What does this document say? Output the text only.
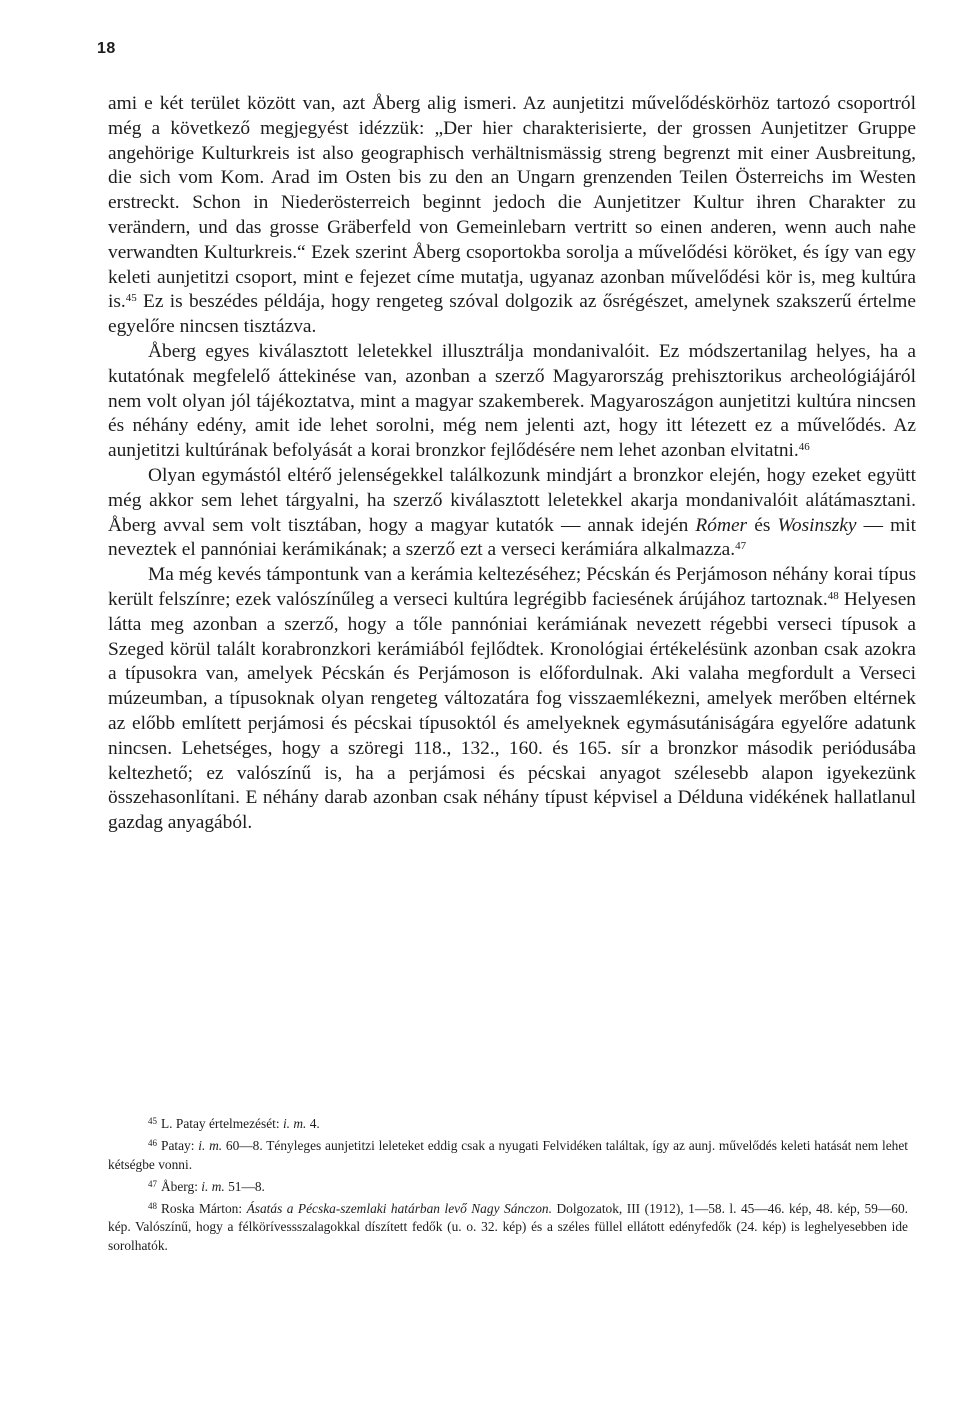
18

ami e két terület között van, azt Åberg alig ismeri. Az aunjetitzi művelődéskörhöz tartozó csoportról még a következő megjegyést idézzük: „Der hier charakterisierte, der grossen Aunjetitzer Gruppe angehörige Kulturkreis ist also geographisch verhältnismässig streng begrenzt mit einer Ausbreitung, die sich vom Kom. Arad im Osten bis zu den an Ungarn grenzenden Teilen Österreichs im Westen erstreckt. Schon in Niederösterreich beginnt jedoch die Aunjetitzer Kultur ihren Charakter zu verändern, und das grosse Gräberfeld von Gemeinlebarn vertritt so einen anderen, wenn auch nahe verwandten Kulturkreis.“ Ezek szerint Åberg csoportokba sorolja a művelődési köröket, és így van egy keleti aunjetitzi csoport, mint e fejezet címe mutatja, ugyanaz azonban művelődési kör is, meg kultúra is.$^{45}$ Ez is beszédes példája, hogy rengeteg szóval dolgozik az ősrégészet, amelynek szakszerű értelme egyelőre nincsen tisztázva.

Åberg egyes kiválasztott leletekkel illusztrálja mondanivalóit. Ez módszertanilag helyes, ha a kutatónak megfelelő áttekinése van, azonban a szerző Magyarország prehisztorikus archeológiájáról nem volt olyan jól tájékoztatva, mint a magyar szakemberek. Magyaroszágon aunjetitzi kultúra nincsen és néhány edény, amit ide lehet sorolni, még nem jelenti azt, hogy itt létezett ez a művelődés. Az aunjetitzi kultúrának befolyását a korai bronzkor fejlődésére nem lehet azonban elvitatni.$^{46}$

Olyan egymástól eltérő jelenségekkel találkozunk mindjárt a bronzkor elején, hogy ezeket együtt még akkor sem lehet tárgyalni, ha szerző kiválasztott leletekkel akarja mondanivalóit alátámasztani. Åberg avval sem volt tisztában, hogy a magyar kutatók — annak idején Rómer és Wosinszky — mit neveztek el pannóniai kerámikának; a szerző ezt a verseci kerámiára alkalmazza.$^{47}$

Ma még kevés támpontunk van a kerámia keltezéséhez; Pécskán és Perjámoson néhány korai típus került felszínre; ezek valószínűleg a verseci kultúra legrégibb faciesének árújához tartoznak.$^{48}$ Helyesen látta meg azonban a szerző, hogy a tőle pannóniai kerámiának nevezett régebbi verseci típusok a Szeged körül talált korabronzkori kerámiából fejlődtek. Kronológiai értékelésünk azonban csak azokra a típusokra van, amelyek Pécskán és Perjámoson is előfordulnak. Aki valaha megfordult a Verseci múzeumban, a típusoknak olyan rengeteg változatára fog visszaemlékezni, amelyek merőben eltérnek az előbb említett perjámosi és pécskai típusoktól és amelyeknek egymásutániságára egyelőre adatunk nincsen. Lehetséges, hogy a szöregi 118., 132., 160. és 165. sír a bronzkor második periódusába keltezhető; ez valószínű is, ha a perjámosi és pécskai anyagot szélesebb alapon igyekezünk összehasonlítani. E néhány darab azonban csak néhány típust képvisel a Délduna vidékének hallatlanul gazdag anyagából.

$^{45}$ L. Patay értelmezését: i. m. 4.
$^{46}$ Patay: i. m. 60—8. Tényleges aunjetitzi leleteket eddig csak a nyugati Felvidéken találtak, így az aunj. művelődés keleti hatását nem lehet kétségbe vonni.
$^{47}$ Åberg: i. m. 51—8.
$^{48}$ Roska Márton: Ásatás a Pécska-szemlaki határban levő Nagy Sánczon. Dolgozatok, III (1912), 1—58. l. 45—46. kép, 48. kép, 59—60. kép. Valószínű, hogy a félkörívessszalagokkal díszített fedők (u. o. 32. kép) és a széles füllel ellátott edényfedők (24. kép) is leghelyesebben ide sorolhatók.
